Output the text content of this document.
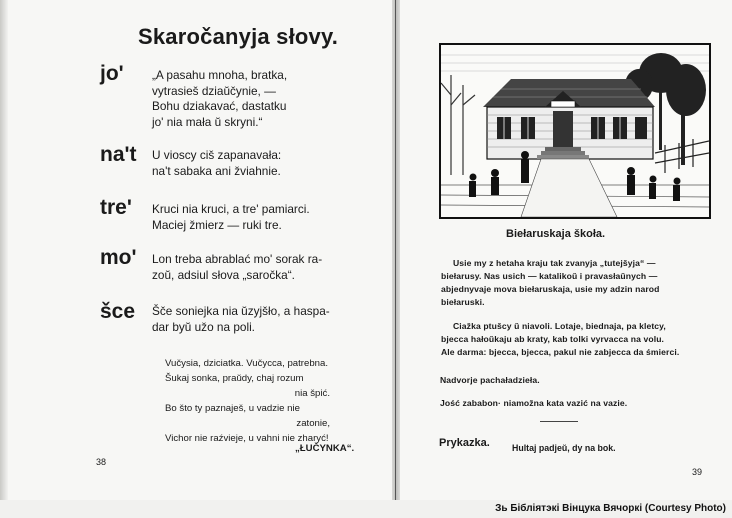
Skaročanyja słovy.
jo' „A pasahu mnoha, bratka,
vytrasieš dziaŭčynie, —
Bohu dziakavać, dastatku
jo' nia mała ŭ skryni.“
na't U vioscy ciš zapanavała:
na't sabaka ani žviahnie.
tre' Kruci nia kruci, a tre' pamiarci.
Maciej žmierz — ruki tre.
mo' Lon treba abrablać mo' sorak ra-
zoŭ, adsiul słova „saročka“.
šce Šče soniejka nia ŭzyjšło, a haspa-
dar byŭ užo na poli.
Vučysia, dziciatka. Vučycca, patrebna.
Šukaj sonka, praŭdy, chaj rozum
nia špić.
Bo što ty paznaješ, u vadzie nie
zatonie,
Vichor nie raźvieje, u vahni nie zharyć!
„ŁUČYNKA“.
38
Biełaruskaja škoła.
Usie my z hetaha kraju tak zvanyja „tutejšyja“ —
biełarusy. Nas usich — katalikoŭ i pravasłaŭnych —
abjednyvaje mova biełaruskaja, usie my adzin narod
biełaruski.
Ciažka ptušcy ŭ niavoli. Lotaje, biednaja, pa kletcy,
bjecca hałoŭkaju ab kraty, kab tolki vyrvacca na volu.
Ale darma: bjecca, bjecca, pakul nie zabjecca da śmierci.
Nadvorje pachaładzieła.
Jość zababon· niamožna kata vazić na vazie.
Prykazka.	Hultaj padjeŭ, dy na bok.
39
Зь Бібліятэкі Вінцука Вячоркі (Courtesy Photo)
